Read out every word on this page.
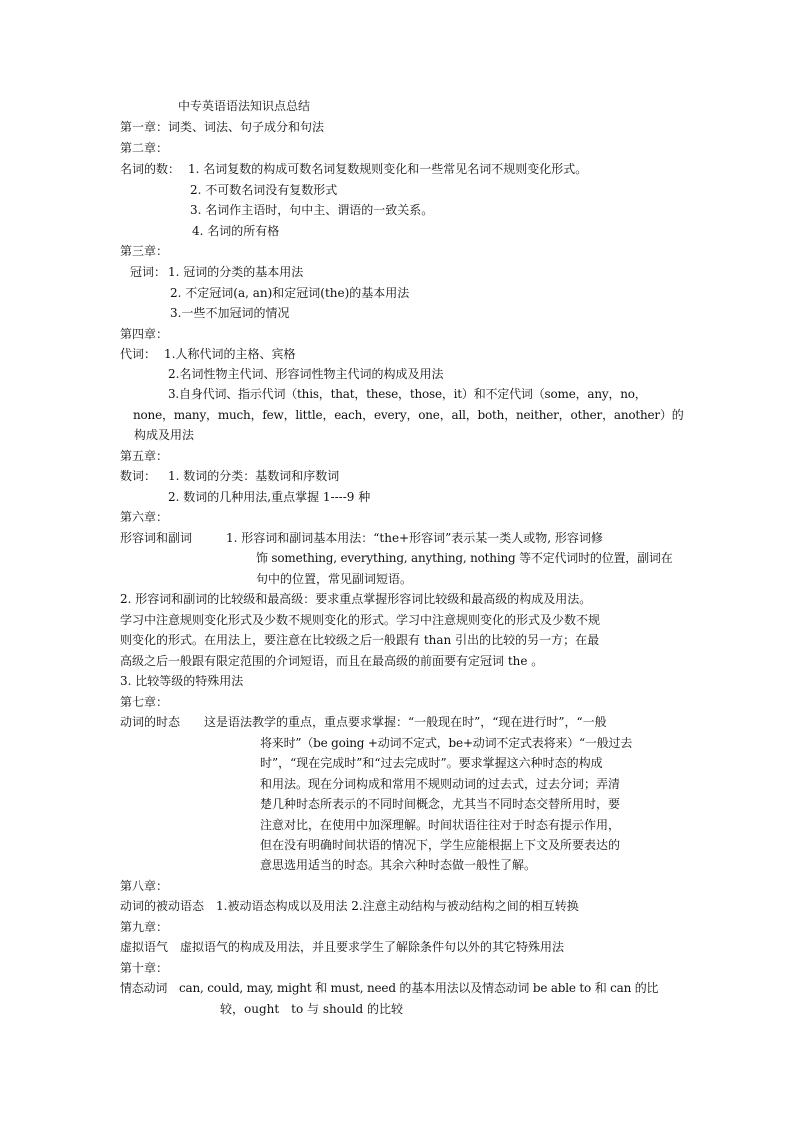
中专英语语法知识点总结
第一章：词类、词法、句子成分和句法
第二章：
名词的数： 1. 名词复数的构成可数名词复数规则变化和一些常见名词不规则变化形式。
2. 不可数名词没有复数形式
3. 名词作主语时，句中主、谓语的一致关系。
4. 名词的所有格
第三章：
冠词： 1. 冠词的分类的基本用法
2. 不定冠词(a, an)和定冠词(the)的基本用法
3.一些不加冠词的情况
第四章：
代词： 1.人称代词的主格、宾格
2.名词性物主代词、形容词性物主代词的构成及用法
3.自身代词、指示代词（this，that，these，those，it）和不定代词（some，any，no，
none，many，much，few，little，each，every，one，all，both，neither，other，another）的
构成及用法
第五章：
数词： 1. 数词的分类：基数词和序数词
2. 数词的几种用法,重点掌握 1----9 种
第六章：
形容词和副词	1. 形容词和副词基本用法：“the+形容词”表示某一类人或物, 形容词修
饰 something, everything, anything, nothing 等不定代词时的位置，副词在
句中的位置，常见副词短语。
2. 形容词和副词的比较级和最高级：要求重点掌握形容词比较级和最高级的构成及用法。
学习中注意规则变化形式及少数不规则变化的形式。学习中注意规则变化的形式及少数不规
则变化的形式。在用法上，要注意在比较级之后一般跟有 than 引出的比较的另一方；在最
高级之后一般跟有限定范围的介词短语，而且在最高级的前面要有定冠词 the 。
3. 比较等级的特殊用法
第七章：
动词的时态 这是语法教学的重点，重点要求掌握：“一般现在时”，“现在进行时”，“一般
将来时”（be going +动词不定式，be+动词不定式表将来）“一般过去
时”，“现在完成时”和“过去完成时”。要求掌握这六种时态的构成
和用法。现在分词构成和常用不规则动词的过去式，过去分词；弄清
楚几种时态所表示的不同时间概念，尤其当不同时态交替所用时，要
注意对比，在使用中加深理解。时间状语往往对于时态有提示作用，
但在没有明确时间状语的情况下，学生应能根据上下文及所要表达的
意思选用适当的时态。其余六种时态做一般性了解。
第八章：
动词的被动语态　1.被动语态构成以及用法 2.注意主动结构与被动结构之间的相互转换
第九章：
虚拟语气　虚拟语气的构成及用法，并且要求学生了解除条件句以外的其它特殊用法
第十章：
情态动词　can, could, may, might 和 must, need 的基本用法以及情态动词 be able to 和 can 的比
较，ought　to 与 should 的比较
